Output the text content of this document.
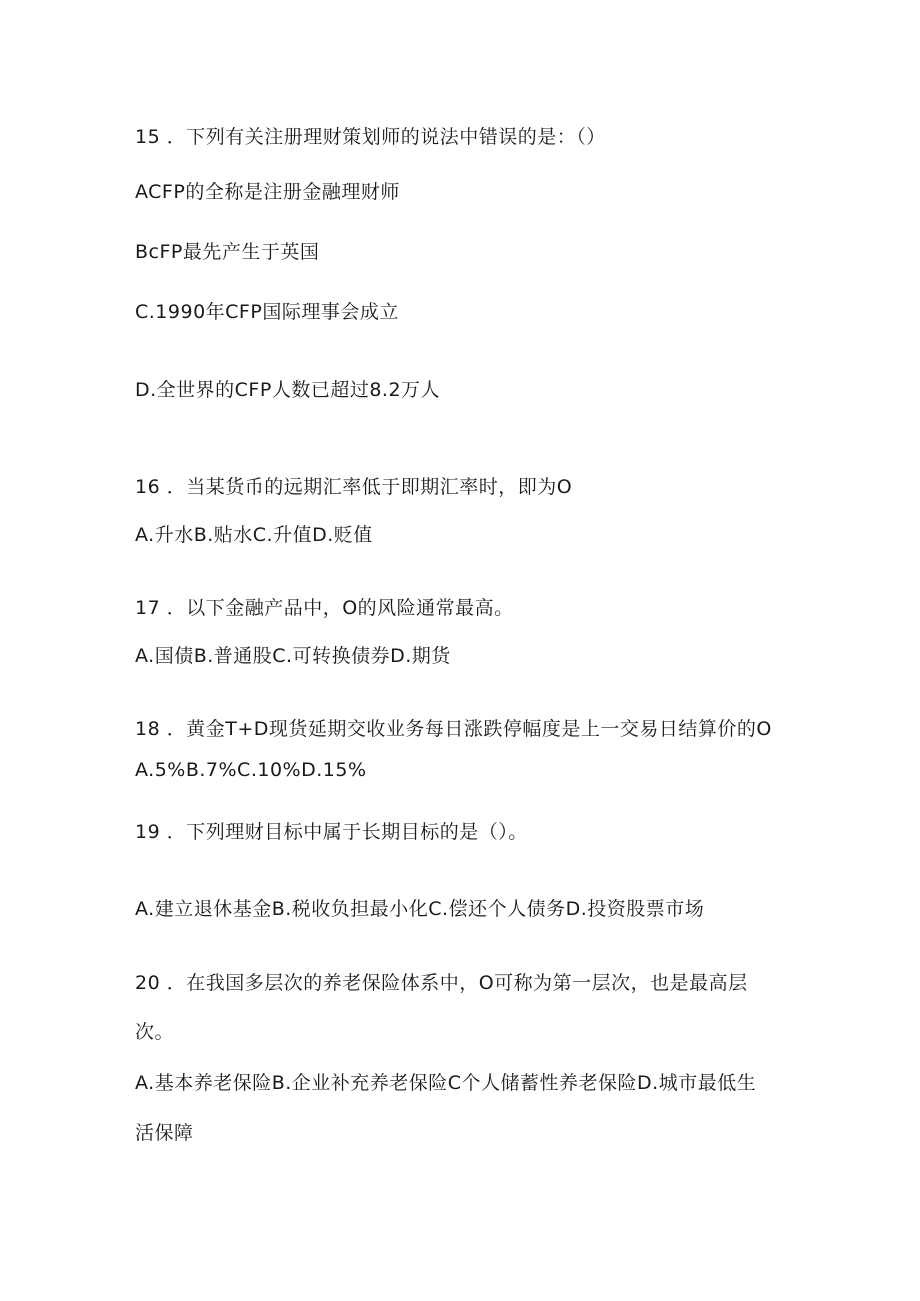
15 ．下列有关注册理财策划师的说法中错误的是：（）

ACFP的全称是注册金融理财师

BcFP最先产生于英国

C.1990年CFP国际理事会成立

D.全世界的CFP人数已超过8.2万人

16 ．当某货币的远期汇率低于即期汇率时，即为O

A.升水B.贴水C.升值D.贬值

17 ．以下金融产品中，O的风险通常最高。

A.国债B.普通股C.可转换债券D.期货

18 ．黄金T+D现货延期交收业务每日涨跌停幅度是上一交易日结算价的O

A.5%B.7%C.10%D.15%

19 ．下列理财目标中属于长期目标的是（）。

A.建立退休基金B.税收负担最小化C.偿还个人债务D.投资股票市场

20 ．在我国多层次的养老保险体系中，O可称为第一层次，也是最高层

次。

A.基本养老保险B.企业补充养老保险C个人储蓄性养老保险D.城市最低生

活保障
